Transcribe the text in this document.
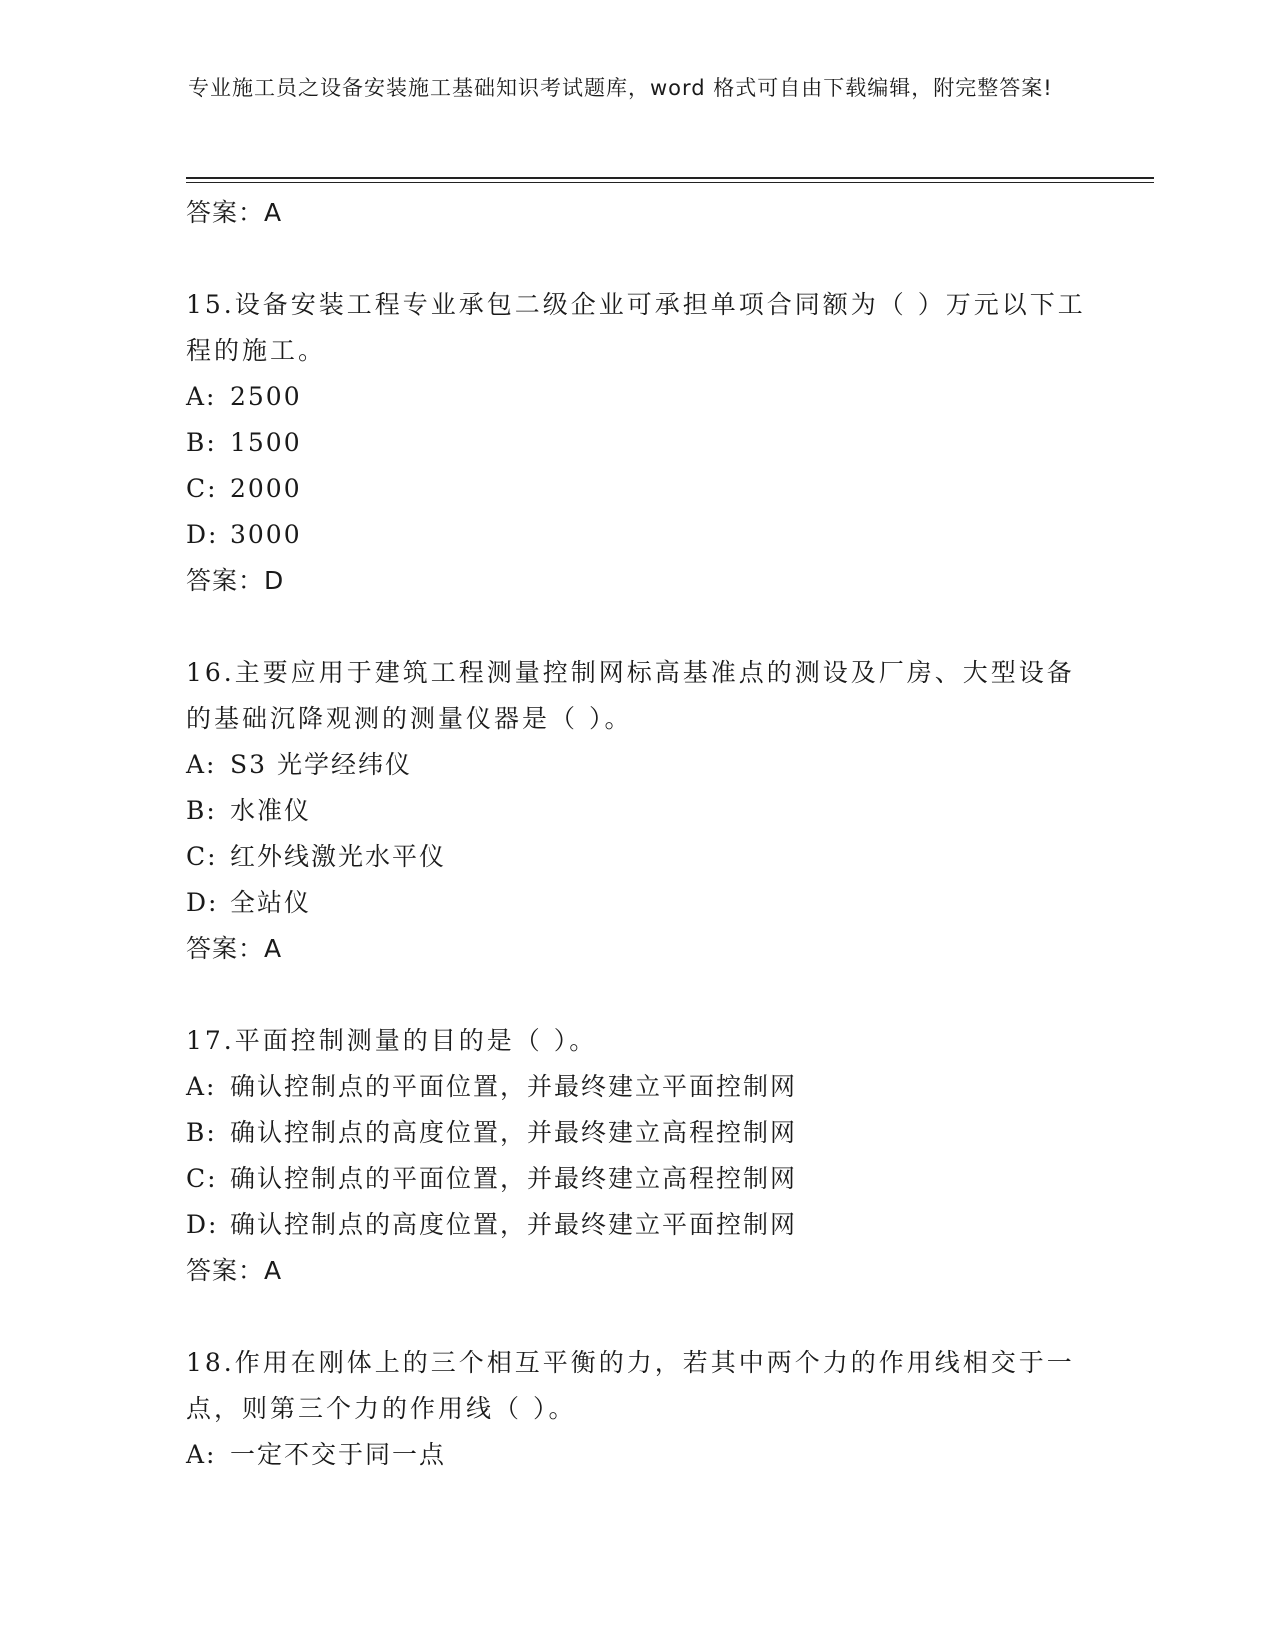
专业施工员之设备安装施工基础知识考试题库，word 格式可自由下载编辑，附完整答案!
答案：A
15.设备安装工程专业承包二级企业可承担单项合同额为（ ）万元以下工程的施工。
A: 2500
B: 1500
C: 2000
D: 3000
答案：D
16.主要应用于建筑工程测量控制网标高基准点的测设及厂房、大型设备的基础沉降观测的测量仪器是（ ）。
A: S3 光学经纬仪
B: 水准仪
C: 红外线激光水平仪
D: 全站仪
答案：A
17.平面控制测量的目的是（ ）。
A: 确认控制点的平面位置，并最终建立平面控制网
B: 确认控制点的高度位置，并最终建立高程控制网
C: 确认控制点的平面位置，并最终建立高程控制网
D: 确认控制点的高度位置，并最终建立平面控制网
答案：A
18.作用在刚体上的三个相互平衡的力，若其中两个力的作用线相交于一点，则第三个力的作用线（ ）。
A: 一定不交于同一点
